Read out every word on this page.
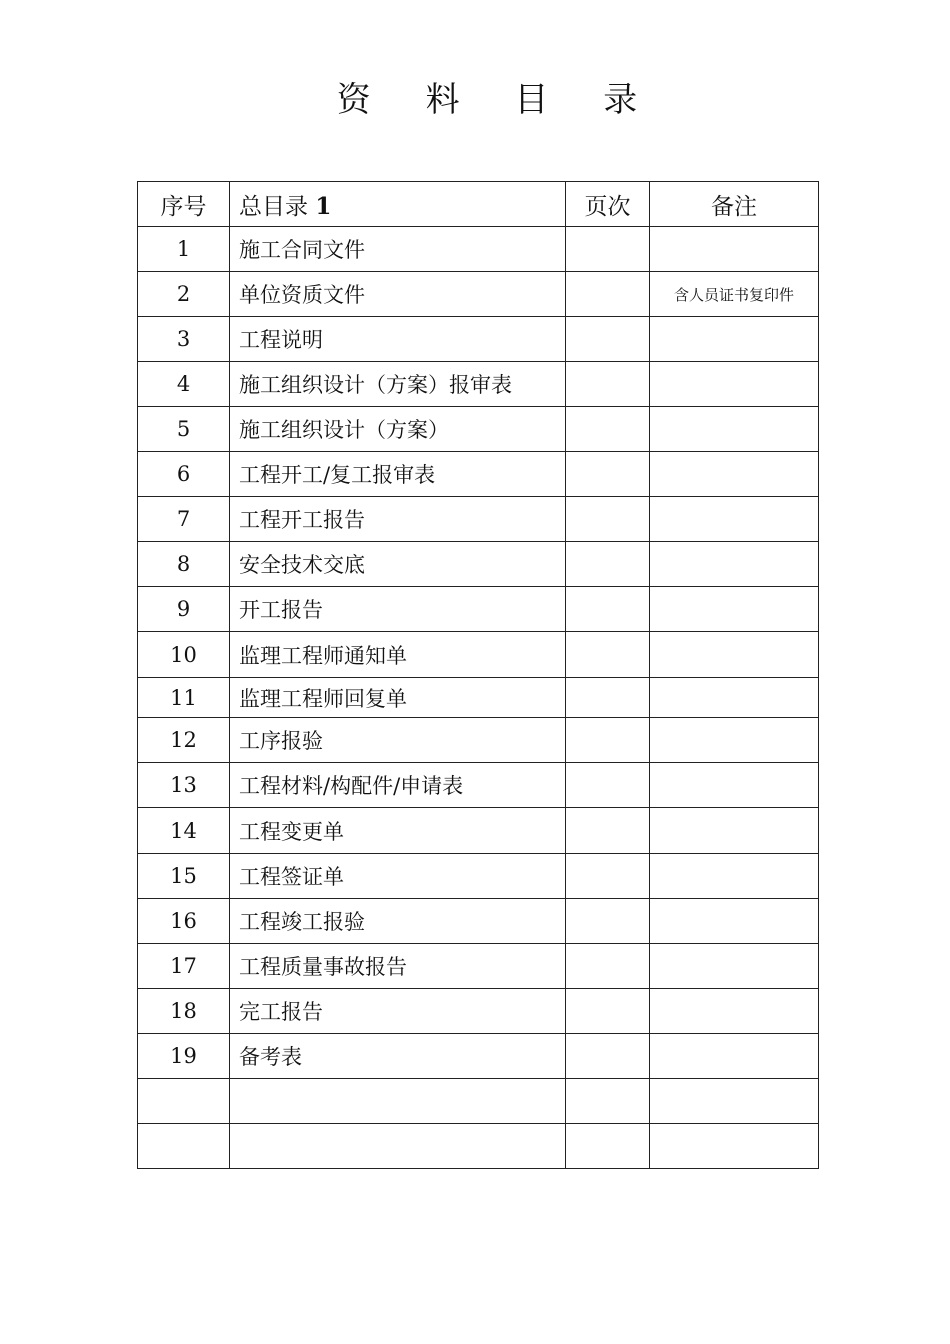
资 料 目 录
序号	总目录 1	页次	备注
1	施工合同文件		
2	单位资质文件		含人员证书复印件
3	工程说明		
4	施工组织设计（方案）报审表		
5	施工组织设计（方案）		
6	工程开工/复工报审表		
7	工程开工报告		
8	安全技术交底		
9	开工报告		
10	监理工程师通知单		
11	监理工程师回复单		
12	工序报验		
13	工程材料/构配件/申请表		
14	工程变更单		
15	工程签证单		
16	工程竣工报验		
17	工程质量事故报告		
18	完工报告		
19	备考表		
